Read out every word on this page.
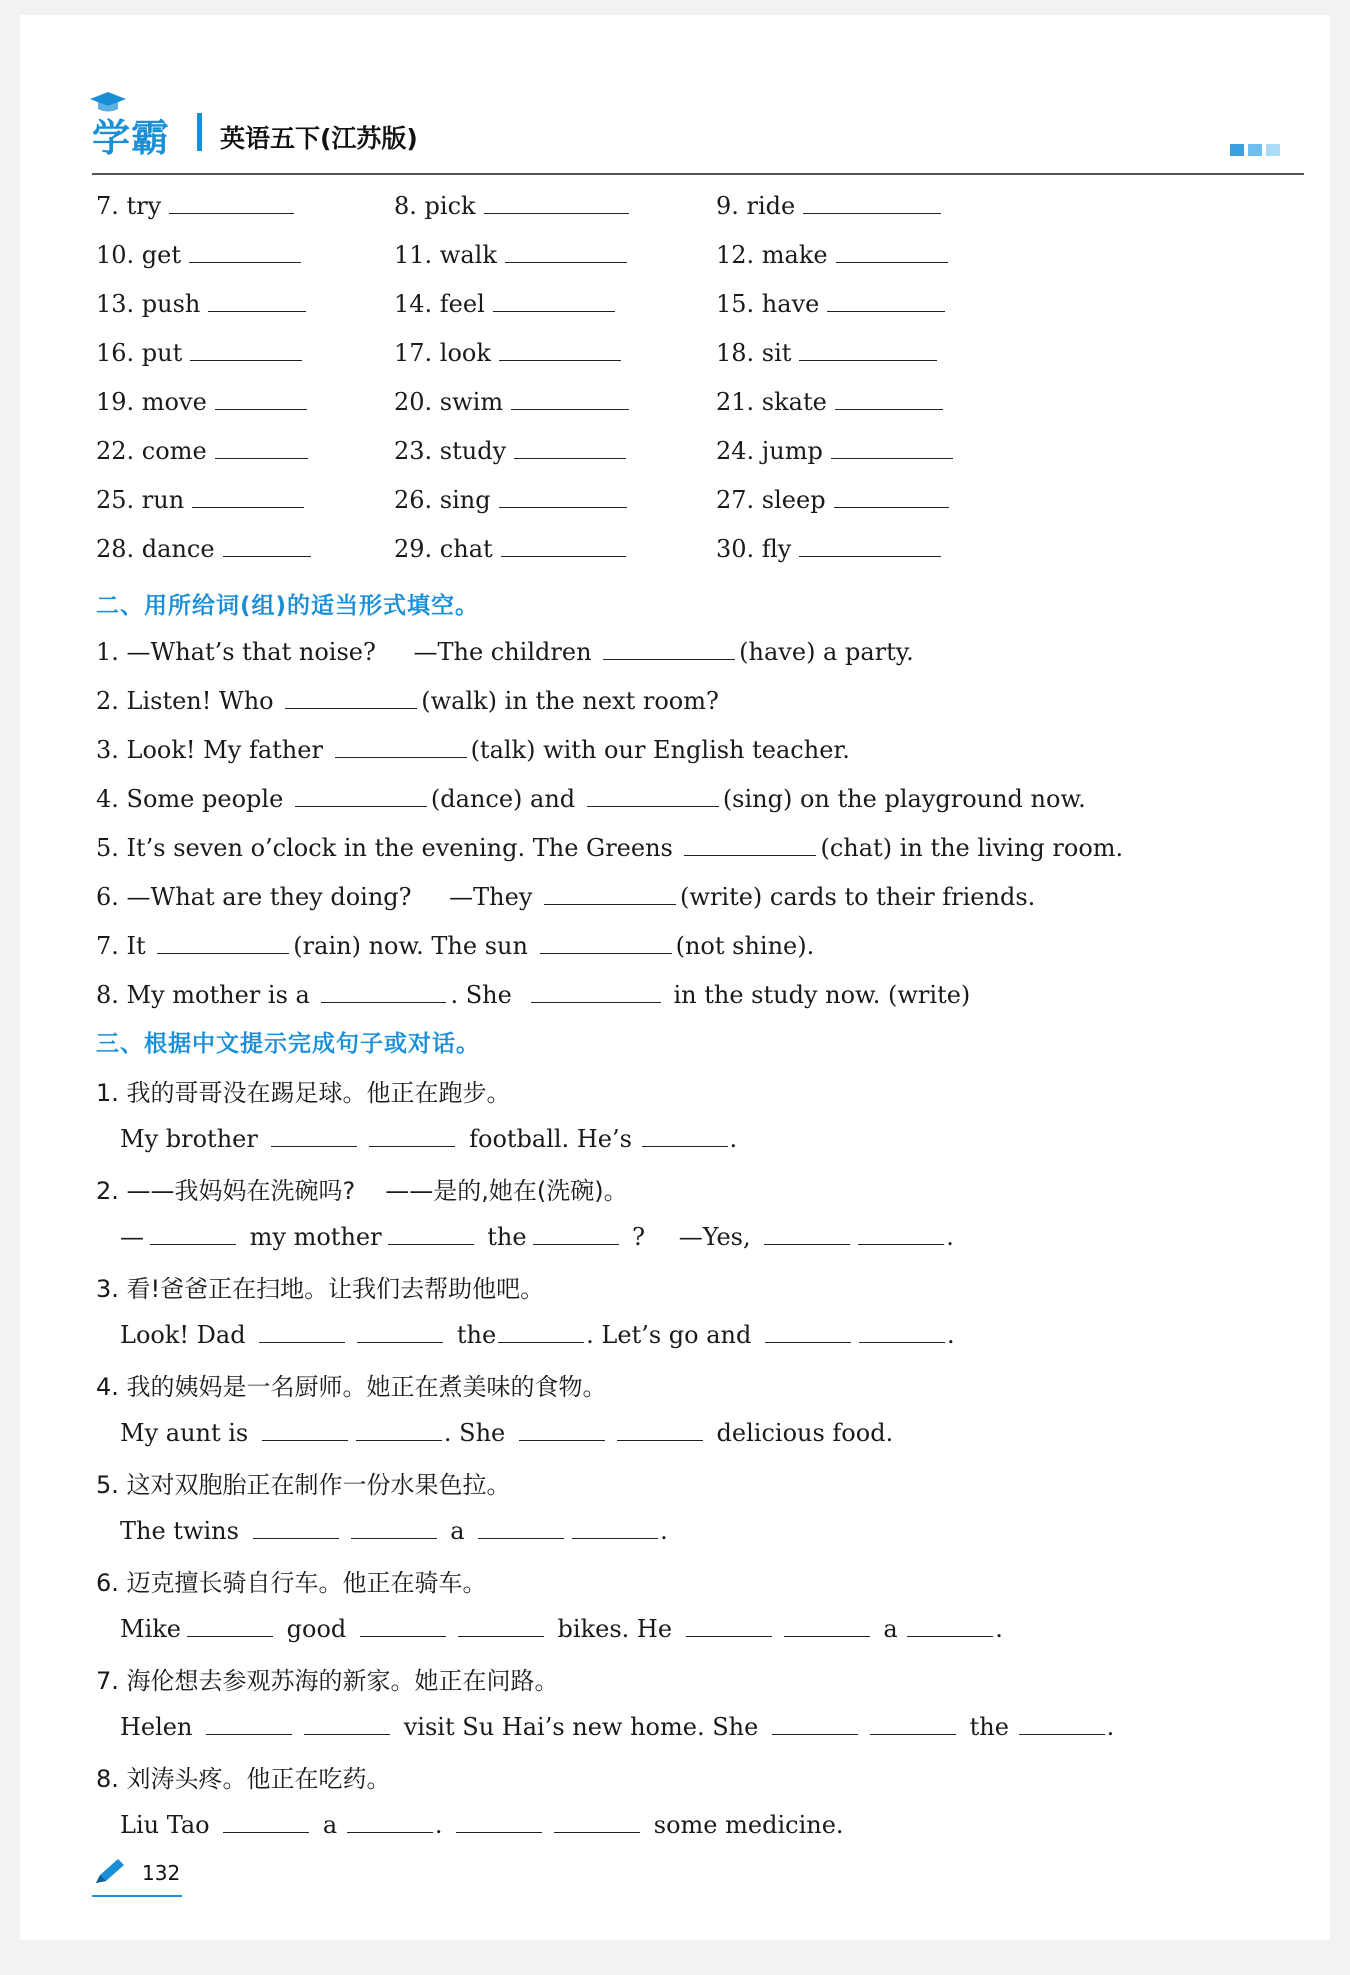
学霸 英语五下(江苏版)
7. try	8. pick	9. ride
10. get	11. walk	12. make
13. push	14. feel	15. have
16. put	17. look	18. sit
19. move	20. swim	21. skate
22. come	23. study	24. jump
25. run	26. sing	27. sleep
28. dance	29. chat	30. fly
二、用所给词(组)的适当形式填空。
1. —What’s that noise? —The children	(have) a party.
2. Listen! Who	(walk) in the next room?
3. Look! My father	(talk) with our English teacher.
4. Some people	(dance) and	(sing) on the playground now.
5. It’s seven o’clock in the evening. The Greens	(chat) in the living room.
6. —What are they doing? —They	(write) cards to their friends.
7. It	(rain) now. The sun	(not shine).
8. My mother is a	. She	in the study now. (write)
三、根据中文提示完成句子或对话。
1. 我的哥哥没在踢足球。他正在跑步。
My brother	football. He’s	.
2. ——我妈妈在洗碗吗? ——是的,她在(洗碗)。
—	my mother	the	? —Yes,	.
3. 看!爸爸正在扫地。让我们去帮助他吧。
Look! Dad	the	. Let’s go and	.
4. 我的姨妈是一名厨师。她正在煮美味的食物。
My aunt is	. She	delicious food.
5. 这对双胞胎正在制作一份水果色拉。
The twins	a	.
6. 迈克擅长骑自行车。他正在骑车。
Mike	good	bikes. He	a	.
7. 海伦想去参观苏海的新家。她正在问路。
Helen	visit Su Hai’s new home. She	the	.
8. 刘涛头疼。他正在吃药。
Liu Tao	a	.	some medicine.
132
